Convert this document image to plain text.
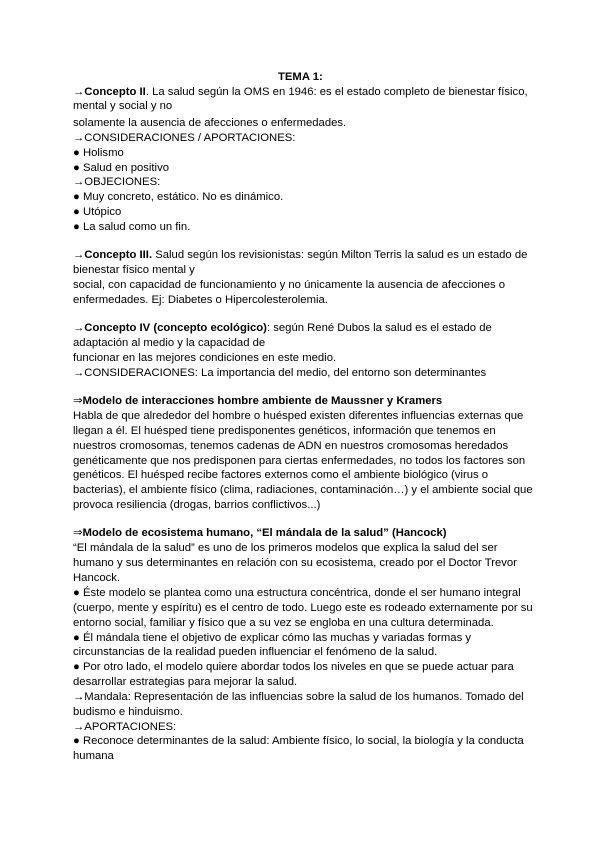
TEMA 1:
→Concepto II. La salud según la OMS en 1946: es el estado completo de bienestar físico,
mental y social y no
solamente la ausencia de afecciones o enfermedades.
→CONSIDERACIONES / APORTACIONES:
● Holismo
● Salud en positivo
→OBJECIONES:
● Muy concreto, estático. No es dinámico.
● Utópico
● La salud como un fin.
→Concepto III. Salud según los revisionistas: según Milton Terris la salud es un estado de
bienestar físico mental y
social, con capacidad de funcionamiento y no únicamente la ausencia de afecciones o
enfermedades. Ej: Diabetes o Hipercolesterolemia.
→Concepto IV (concepto ecológico): según René Dubos la salud es el estado de
adaptación al medio y la capacidad de
funcionar en las mejores condiciones en este medio.
→CONSIDERACIONES: La importancia del medio, del entorno son determinantes
⇒Modelo de interacciones hombre ambiente de Maussner y Kramers
Habla de que alrededor del hombre o huésped existen diferentes influencias externas que
llegan a él. El huésped tiene predisponentes genéticos, información que tenemos en
nuestros cromosomas, tenemos cadenas de ADN en nuestros cromosomas heredados
genéticamente que nos predisponen para ciertas enfermedades, no todos los factores son
genéticos. El huésped recibe factores externos como el ambiente biológico (virus o
bacterias), el ambiente físico (clima, radiaciones, contaminación…) y el ambiente social que
provoca resiliencia (drogas, barrios conflictivos...)
⇒Modelo de ecosistema humano, “El mándala de la salud” (Hancock)
“El mándala de la salud” es uno de los primeros modelos que explica la salud del ser
humano y sus determinantes en relación con su ecosistema, creado por el Doctor Trevor
Hancock.
● Éste modelo se plantea como una estructura concéntrica, donde el ser humano integral
(cuerpo, mente y espíritu) es el centro de todo. Luego este es rodeado externamente por su
entorno social, familiar y físico que a su vez se engloba en una cultura determinada.
● Él mándala tiene el objetivo de explicar cómo las muchas y variadas formas y
circunstancias de la realidad pueden influenciar el fenómeno de la salud.
● Por otro lado, el modelo quiere abordar todos los niveles en que se puede actuar para
desarrollar estrategias para mejorar la salud.
→Mandala: Representación de las influencias sobre la salud de los humanos. Tomado del
budismo e hinduismo.
→APORTACIONES:
● Reconoce determinantes de la salud: Ambiente físico, lo social, la biología y la conducta
humana
